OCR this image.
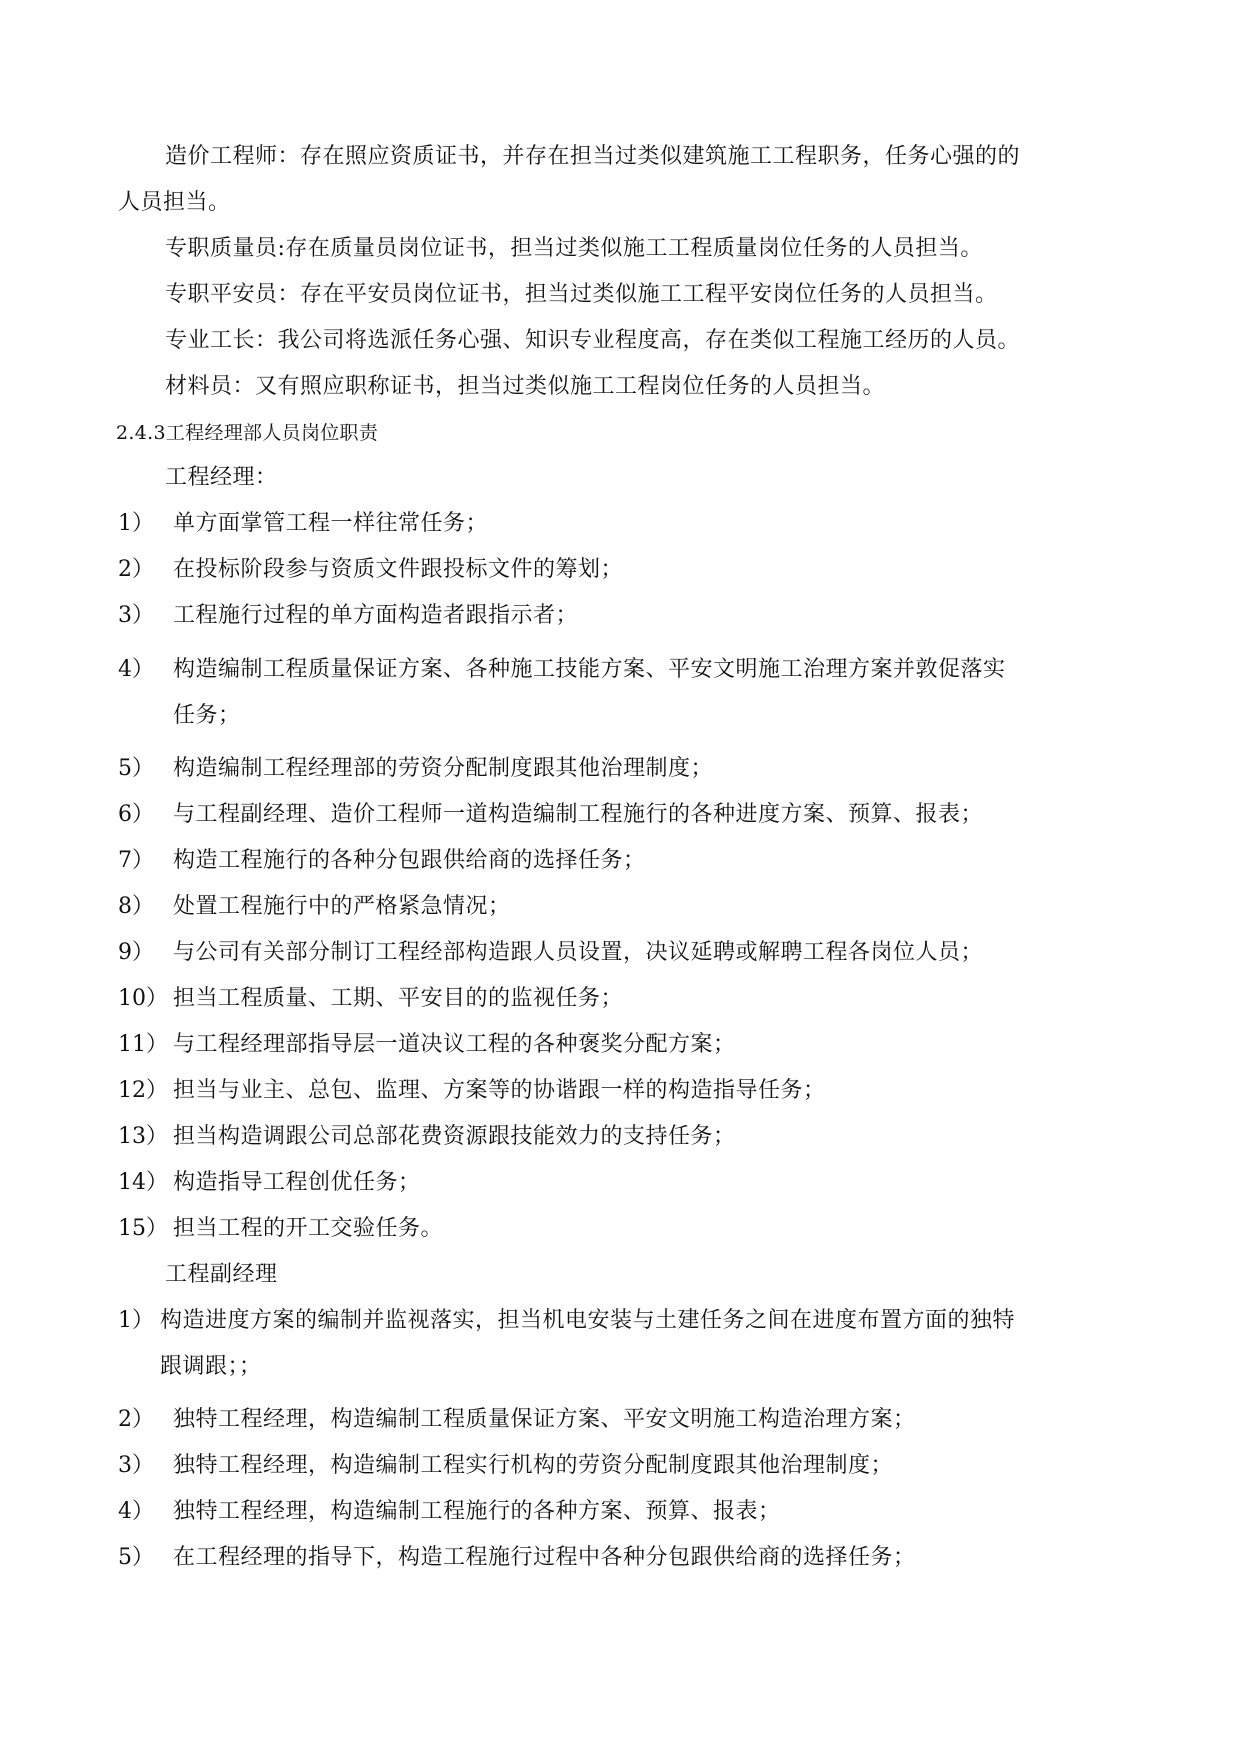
造价工程师：存在照应资质证书，并存在担当过类似建筑施工工程职务，任务心强的的
人员担当。
专职质量员:存在质量员岗位证书，担当过类似施工工程质量岗位任务的人员担当。
专职平安员：存在平安员岗位证书，担当过类似施工工程平安岗位任务的人员担当。
专业工长：我公司将选派任务心强、知识专业程度高，存在类似工程施工经历的人员。
材料员：又有照应职称证书，担当过类似施工工程岗位任务的人员担当。
2.4.3工程经理部人员岗位职责
工程经理：
1） 单方面掌管工程一样往常任务；
2） 在投标阶段参与资质文件跟投标文件的筹划；
3） 工程施行过程的单方面构造者跟指示者；
4） 构造编制工程质量保证方案、各种施工技能方案、平安文明施工治理方案并敦促落实
任务；
5） 构造编制工程经理部的劳资分配制度跟其他治理制度；
6） 与工程副经理、造价工程师一道构造编制工程施行的各种进度方案、预算、报表；
7） 构造工程施行的各种分包跟供给商的选择任务；
8） 处置工程施行中的严格紧急情况；
9） 与公司有关部分制订工程经部构造跟人员设置，决议延聘或解聘工程各岗位人员；
10） 担当工程质量、工期、平安目的的监视任务；
11） 与工程经理部指导层一道决议工程的各种褒奖分配方案；
12） 担当与业主、总包、监理、方案等的协谐跟一样的构造指导任务；
13） 担当构造调跟公司总部花费资源跟技能效力的支持任务；
14） 构造指导工程创优任务；
15） 担当工程的开工交验任务。
工程副经理
1） 构造进度方案的编制并监视落实，担当机电安装与土建任务之间在进度布置方面的独特
跟调跟；；
2） 独特工程经理，构造编制工程质量保证方案、平安文明施工构造治理方案；
3） 独特工程经理，构造编制工程实行机构的劳资分配制度跟其他治理制度；
4） 独特工程经理，构造编制工程施行的各种方案、预算、报表；
5） 在工程经理的指导下，构造工程施行过程中各种分包跟供给商的选择任务；
